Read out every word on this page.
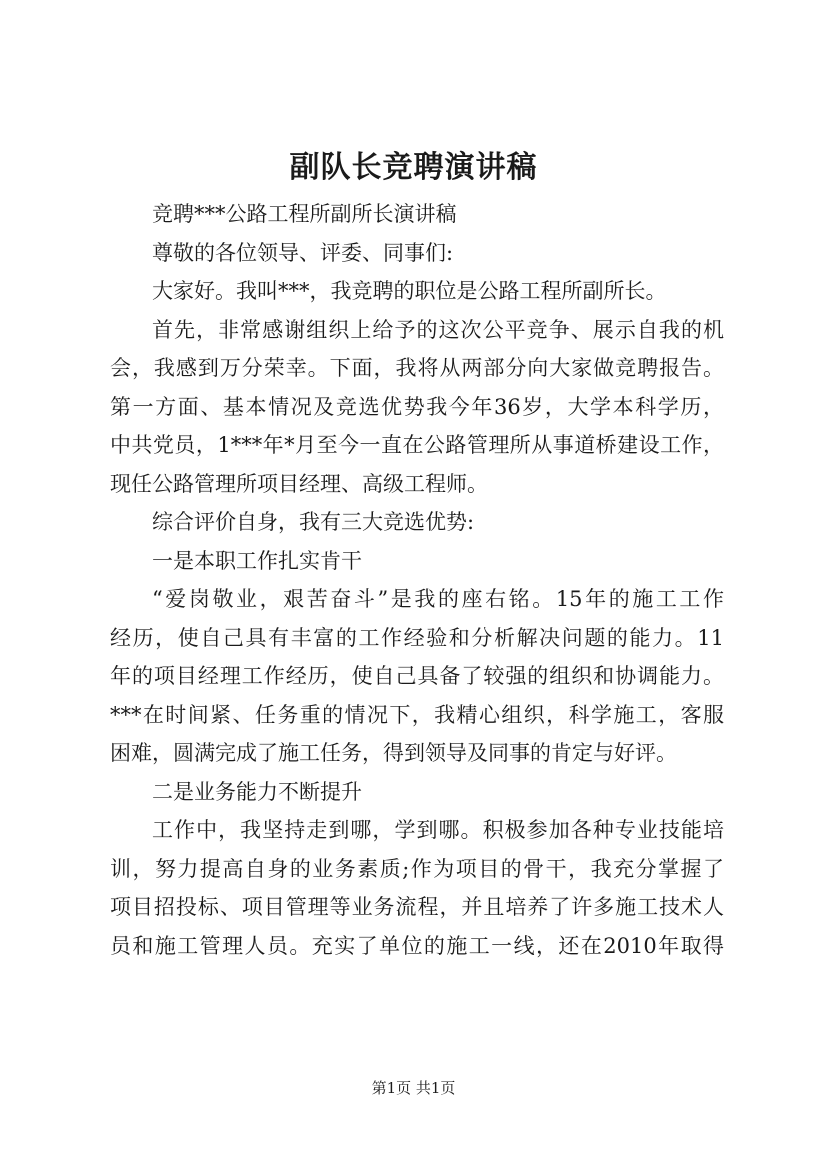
副队长竞聘演讲稿
竞聘***公路工程所副所长演讲稿
尊敬的各位领导、评委、同事们:
大家好。我叫***，我竞聘的职位是公路工程所副所长。
首先，非常感谢组织上给予的这次公平竞争、展示自我的机
会，我感到万分荣幸。下面，我将从两部分向大家做竞聘报告。
第一方面、基本情况及竞选优势我今年36岁，大学本科学历，
中共党员，1***年*月至今一直在公路管理所从事道桥建设工作，
现任公路管理所项目经理、高级工程师。
综合评价自身，我有三大竞选优势:
一是本职工作扎实肯干
“爱岗敬业，艰苦奋斗”是我的座右铭。15年的施工工作
经历，使自己具有丰富的工作经验和分析解决问题的能力。11
年的项目经理工作经历，使自己具备了较强的组织和协调能力。
***在时间紧、任务重的情况下，我精心组织，科学施工，客服
困难，圆满完成了施工任务，得到领导及同事的肯定与好评。
二是业务能力不断提升
工作中，我坚持走到哪，学到哪。积极参加各种专业技能培
训，努力提高自身的业务素质;作为项目的骨干，我充分掌握了
项目招投标、项目管理等业务流程，并且培养了许多施工技术人
员和施工管理人员。充实了单位的施工一线，还在2010年取得
第1页 共1页
